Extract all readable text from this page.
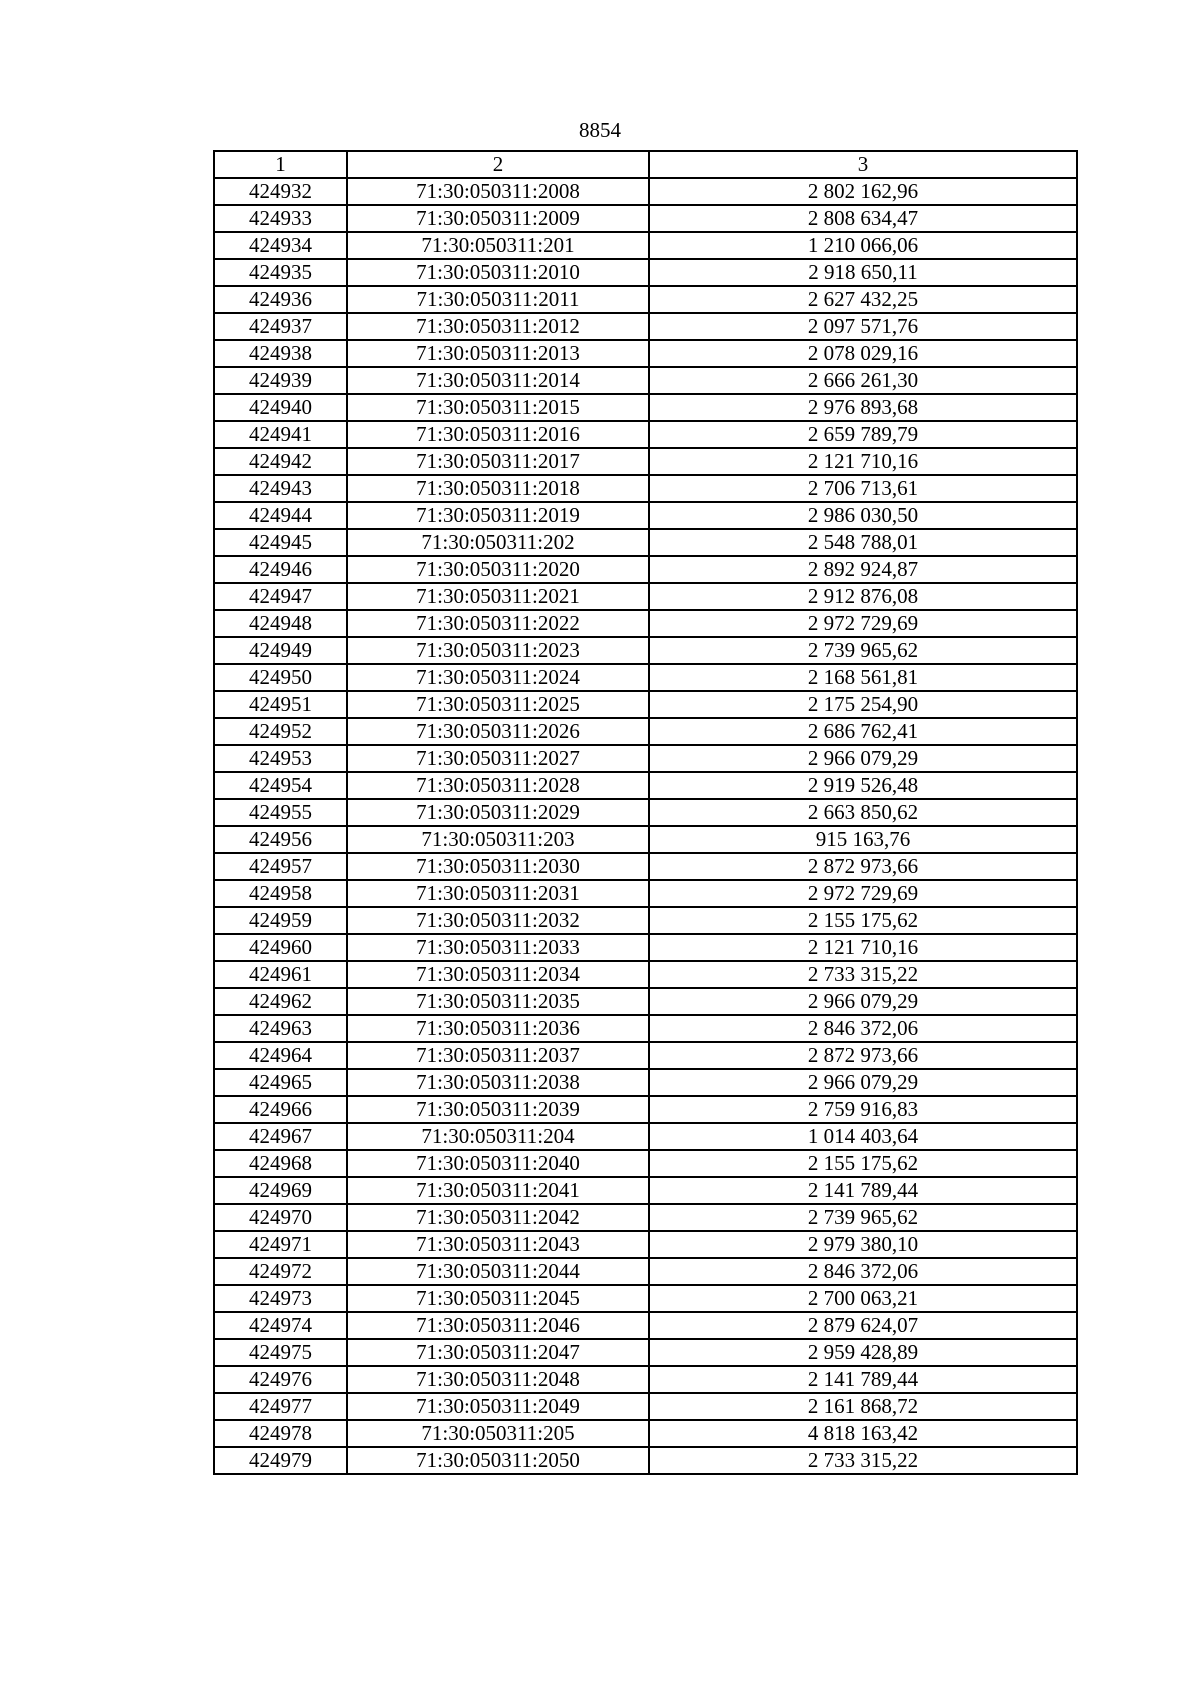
8854
1	2	3
424932	71:30:050311:2008	2 802 162,96
424933	71:30:050311:2009	2 808 634,47
424934	71:30:050311:201	1 210 066,06
424935	71:30:050311:2010	2 918 650,11
424936	71:30:050311:2011	2 627 432,25
424937	71:30:050311:2012	2 097 571,76
424938	71:30:050311:2013	2 078 029,16
424939	71:30:050311:2014	2 666 261,30
424940	71:30:050311:2015	2 976 893,68
424941	71:30:050311:2016	2 659 789,79
424942	71:30:050311:2017	2 121 710,16
424943	71:30:050311:2018	2 706 713,61
424944	71:30:050311:2019	2 986 030,50
424945	71:30:050311:202	2 548 788,01
424946	71:30:050311:2020	2 892 924,87
424947	71:30:050311:2021	2 912 876,08
424948	71:30:050311:2022	2 972 729,69
424949	71:30:050311:2023	2 739 965,62
424950	71:30:050311:2024	2 168 561,81
424951	71:30:050311:2025	2 175 254,90
424952	71:30:050311:2026	2 686 762,41
424953	71:30:050311:2027	2 966 079,29
424954	71:30:050311:2028	2 919 526,48
424955	71:30:050311:2029	2 663 850,62
424956	71:30:050311:203	915 163,76
424957	71:30:050311:2030	2 872 973,66
424958	71:30:050311:2031	2 972 729,69
424959	71:30:050311:2032	2 155 175,62
424960	71:30:050311:2033	2 121 710,16
424961	71:30:050311:2034	2 733 315,22
424962	71:30:050311:2035	2 966 079,29
424963	71:30:050311:2036	2 846 372,06
424964	71:30:050311:2037	2 872 973,66
424965	71:30:050311:2038	2 966 079,29
424966	71:30:050311:2039	2 759 916,83
424967	71:30:050311:204	1 014 403,64
424968	71:30:050311:2040	2 155 175,62
424969	71:30:050311:2041	2 141 789,44
424970	71:30:050311:2042	2 739 965,62
424971	71:30:050311:2043	2 979 380,10
424972	71:30:050311:2044	2 846 372,06
424973	71:30:050311:2045	2 700 063,21
424974	71:30:050311:2046	2 879 624,07
424975	71:30:050311:2047	2 959 428,89
424976	71:30:050311:2048	2 141 789,44
424977	71:30:050311:2049	2 161 868,72
424978	71:30:050311:205	4 818 163,42
424979	71:30:050311:2050	2 733 315,22
